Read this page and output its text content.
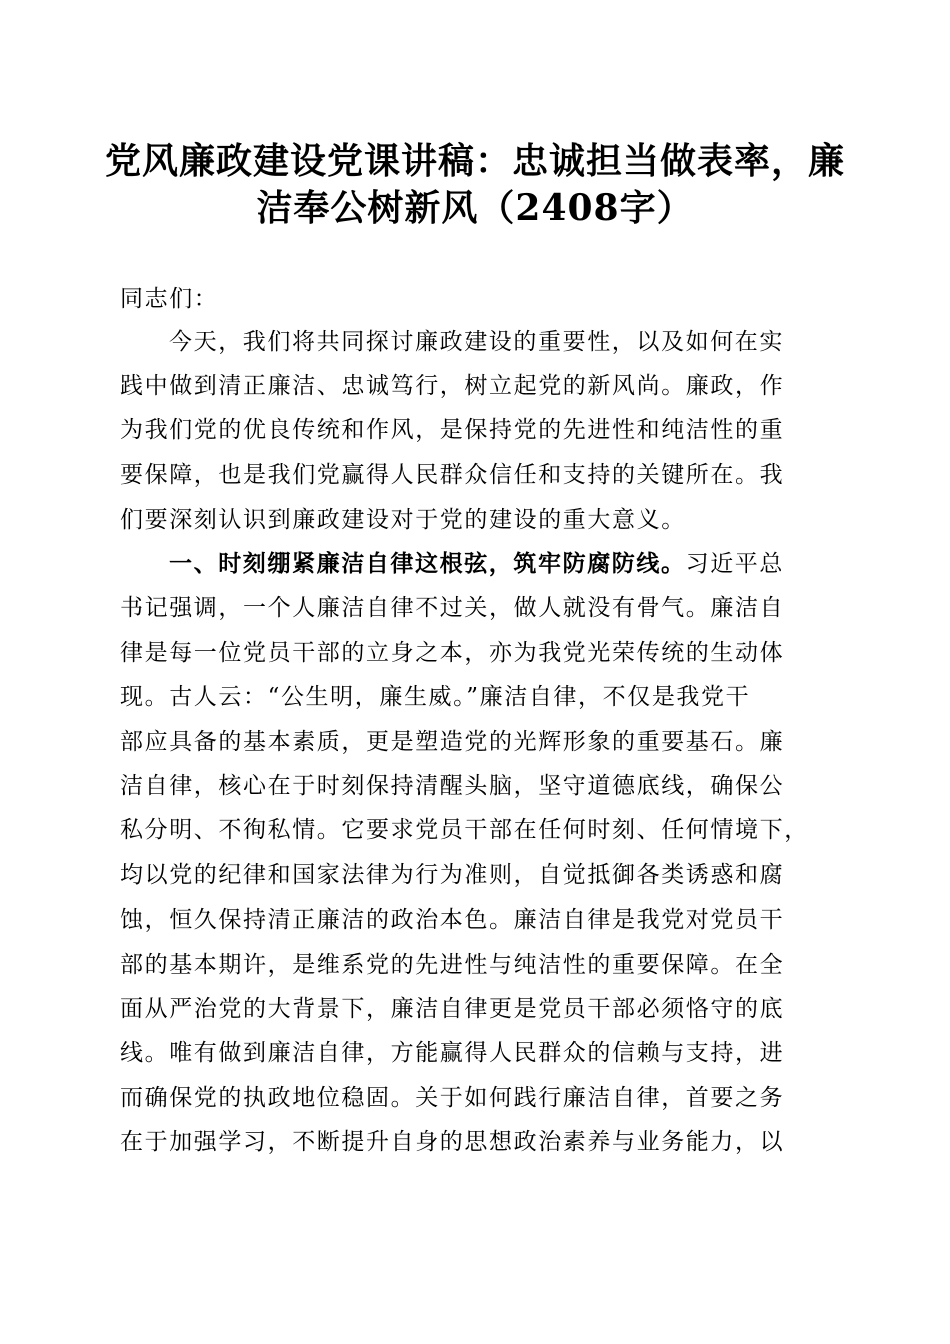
党风廉政建设党课讲稿：忠诚担当做表率，廉
洁奉公树新风（2408字）
同志们：
今天，我们将共同探讨廉政建设的重要性，以及如何在实
践中做到清正廉洁、忠诚笃行，树立起党的新风尚。廉政，作
为我们党的优良传统和作风，是保持党的先进性和纯洁性的重
要保障，也是我们党赢得人民群众信任和支持的关键所在。我
们要深刻认识到廉政建设对于党的建设的重大意义。
一、时刻绷紧廉洁自律这根弦，筑牢防腐防线。习近平总
书记强调，一个人廉洁自律不过关，做人就没有骨气。廉洁自
律是每一位党员干部的立身之本，亦为我党光荣传统的生动体
现。古人云：“公生明，廉生威。”廉洁自律，不仅是我党干
部应具备的基本素质，更是塑造党的光辉形象的重要基石。廉
洁自律，核心在于时刻保持清醒头脑，坚守道德底线，确保公
私分明、不徇私情。它要求党员干部在任何时刻、任何情境下，
均以党的纪律和国家法律为行为准则，自觉抵御各类诱惑和腐
蚀，恒久保持清正廉洁的政治本色。廉洁自律是我党对党员干
部的基本期许，是维系党的先进性与纯洁性的重要保障。在全
面从严治党的大背景下，廉洁自律更是党员干部必须恪守的底
线。唯有做到廉洁自律，方能赢得人民群众的信赖与支持，进
而确保党的执政地位稳固。关于如何践行廉洁自律，首要之务
在于加强学习，不断提升自身的思想政治素养与业务能力，以
